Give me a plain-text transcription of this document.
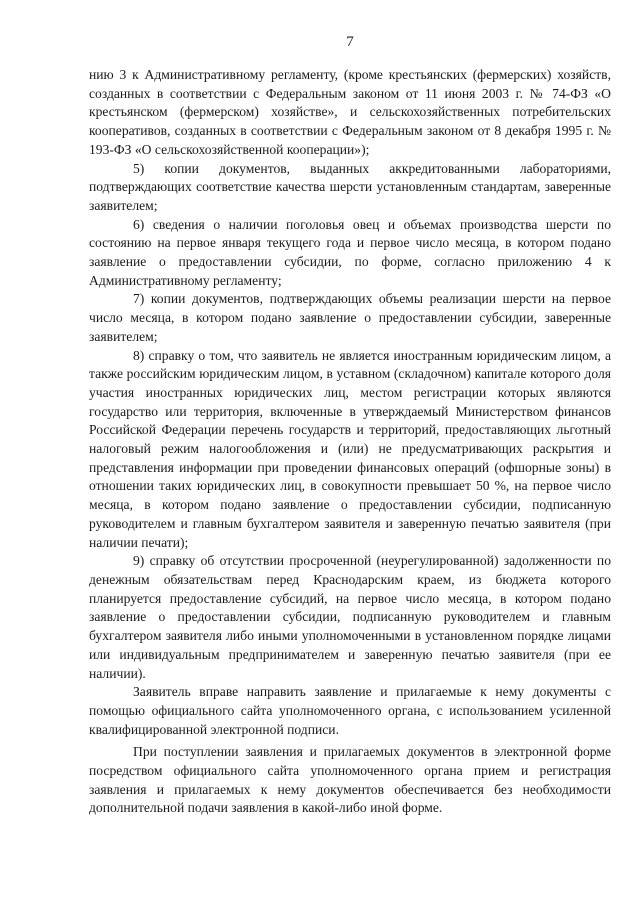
7

нию 3 к Административному регламенту, (кроме крестьянских (фермерских) хозяйств, созданных в соответствии с Федеральным законом от 11 июня 2003 г. № 74-ФЗ «О крестьянском (фермерском) хозяйстве», и сельскохозяйственных потребительских кооперативов, созданных в соответствии с Федеральным законом от 8 декабря 1995 г. № 193-ФЗ «О сельскохозяйственной кооперации»);

5) копии документов, выданных аккредитованными лабораториями, подтверждающих соответствие качества шерсти установленным стандартам, заверенные заявителем;

6) сведения о наличии поголовья овец и объемах производства шерсти по состоянию на первое января текущего года и первое число месяца, в котором подано заявление о предоставлении субсидии, по форме, согласно приложению 4 к Административному регламенту;

7) копии документов, подтверждающих объемы реализации шерсти на первое число месяца, в котором подано заявление о предоставлении субсидии, заверенные заявителем;

8) справку о том, что заявитель не является иностранным юридическим лицом, а также российским юридическим лицом, в уставном (складочном) капитале которого доля участия иностранных юридических лиц, местом регистрации которых являются государство или территория, включенные в утверждаемый Министерством финансов Российской Федерации перечень государств и территорий, предоставляющих льготный налоговый режим налогообложения и (или) не предусматривающих раскрытия и представления информации при проведении финансовых операций (офшорные зоны) в отношении таких юридических лиц, в совокупности превышает 50 %, на первое число месяца, в котором подано заявление о предоставлении субсидии, подписанную руководителем и главным бухгалтером заявителя и заверенную печатью заявителя (при наличии печати);

9) справку об отсутствии просроченной (неурегулированной) задолженности по денежным обязательствам перед Краснодарским краем, из бюджета которого планируется предоставление субсидий, на первое число месяца, в котором подано заявление о предоставлении субсидии, подписанную руководителем и главным бухгалтером заявителя либо иными уполномоченными в установленном порядке лицами или индивидуальным предпринимателем и заверенную печатью заявителя (при ее наличии).

Заявитель вправе направить заявление и прилагаемые к нему документы с помощью официального сайта уполномоченного органа, с использованием усиленной квалифицированной электронной подписи.

При поступлении заявления и прилагаемых документов в электронной форме посредством официального сайта уполномоченного органа прием и регистрация заявления и прилагаемых к нему документов обеспечивается без необходимости дополнительной подачи заявления в какой-либо иной форме.
